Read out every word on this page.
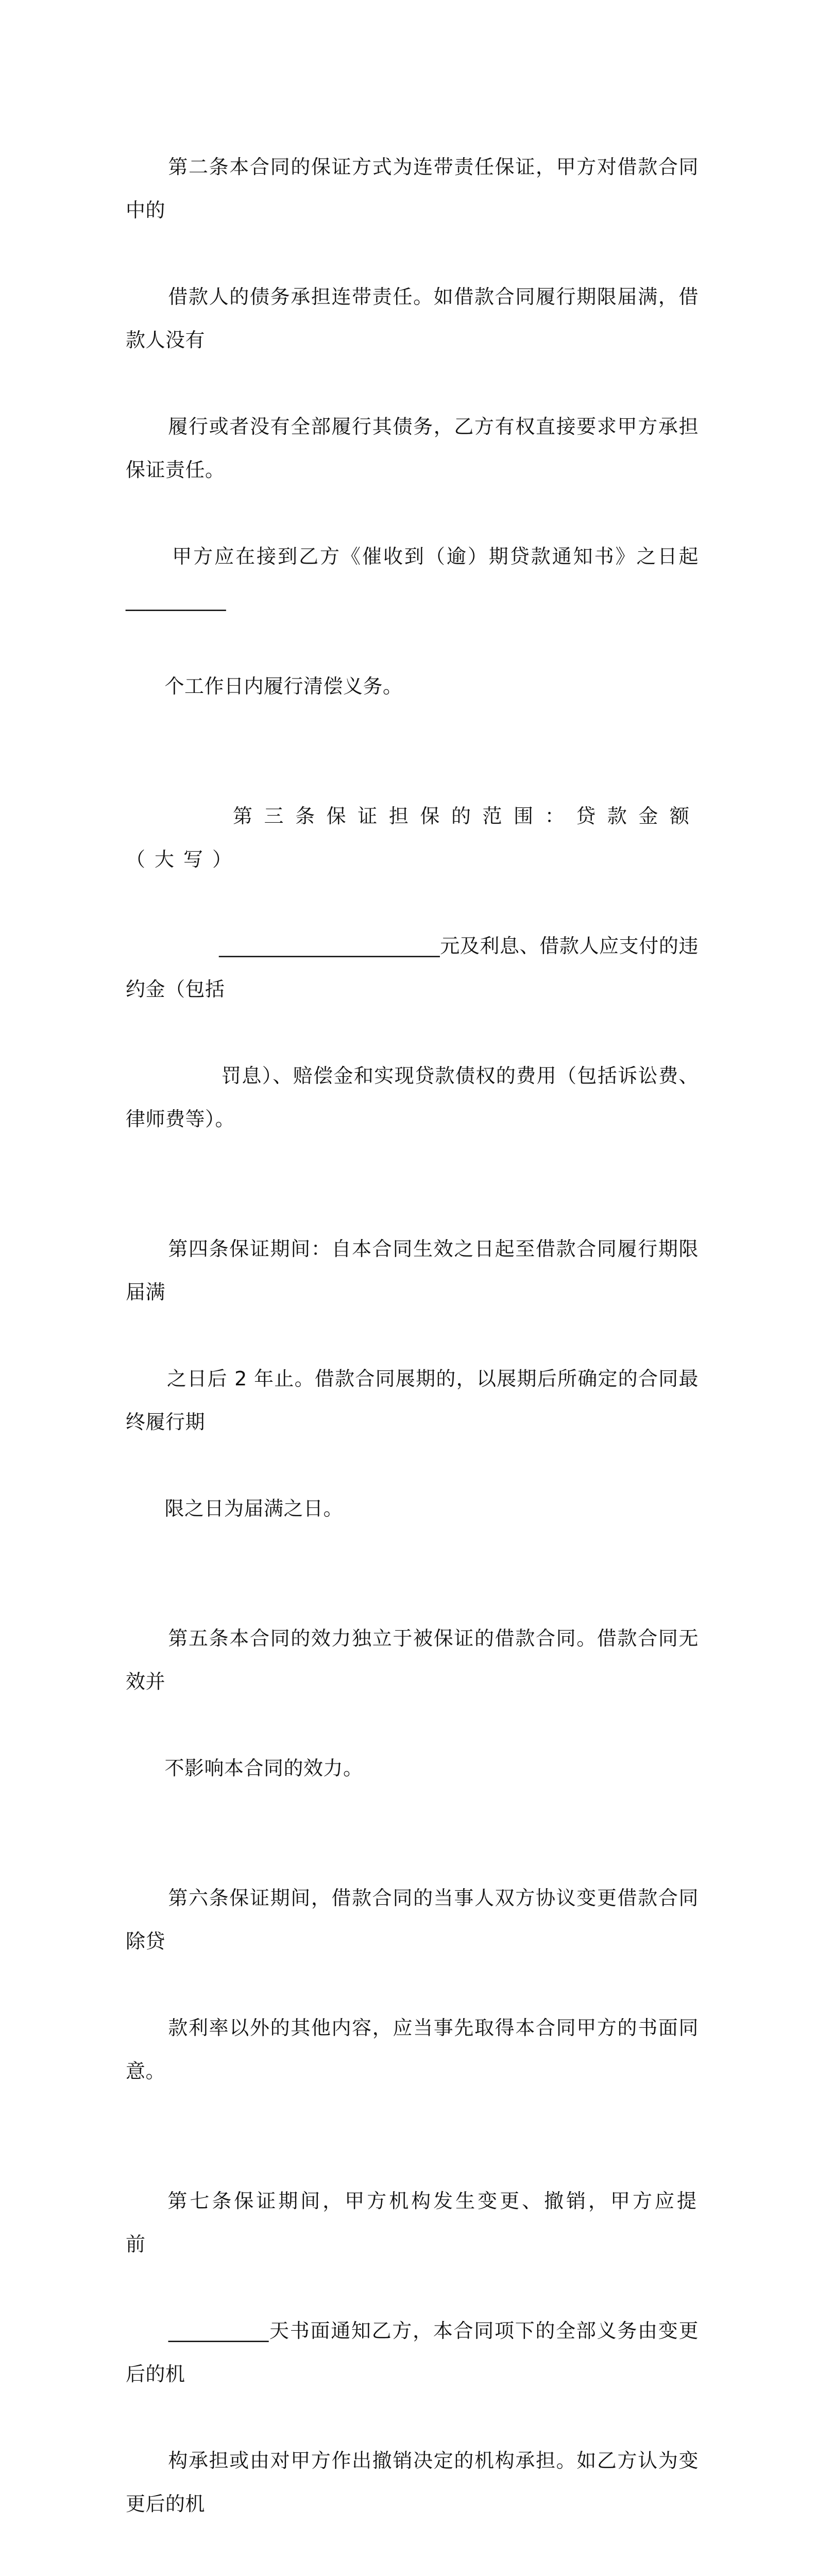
第二条本合同的保证方式为连带责任保证，甲方对借款合同中的

借款人的债务承担连带责任。如借款合同履行期限届满，借款人没有

履行或者没有全部履行其债务，乙方有权直接要求甲方承担保证责任。

甲方应在接到乙方《催收到（逾）期贷款通知书》之日起__________

个工作日内履行清偿义务。

第三条保证担保的范围：贷款金额（大写）

______________________元及利息、借款人应支付的违约金（包括

罚息）、赔偿金和实现贷款债权的费用（包括诉讼费、律师费等）。

第四条保证期间：自本合同生效之日起至借款合同履行期限届满

之日后 2 年止。借款合同展期的，以展期后所确定的合同最终履行期

限之日为届满之日。

第五条本合同的效力独立于被保证的借款合同。借款合同无效并

不影响本合同的效力。

第六条保证期间，借款合同的当事人双方协议变更借款合同除贷

款利率以外的其他内容，应当事先取得本合同甲方的书面同意。

第七条保证期间，甲方机构发生变更、撤销，甲方应提前

__________天书面通知乙方，本合同项下的全部义务由变更后的机

构承担或由对甲方作出撤销决定的机构承担。如乙方认为变更后的机
